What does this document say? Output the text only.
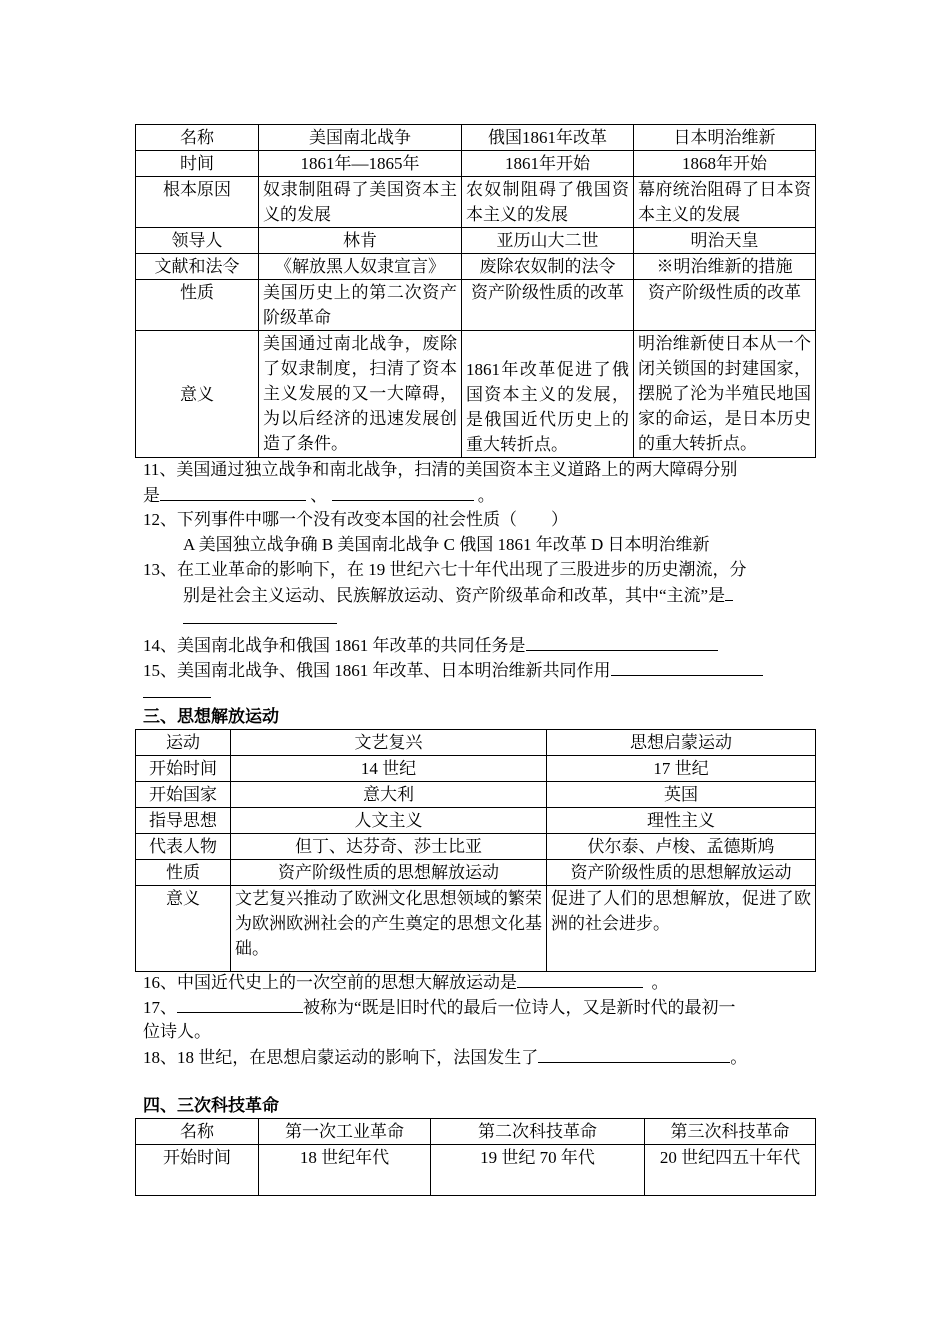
名称	美国南北战争	俄国1861年改革	日本明治维新
时间	1861年—1865年	1861年开始	1868年开始
根本原因	奴隶制阻碍了美国资本主义的发展	农奴制阻碍了俄国资本主义的发展	幕府统治阻碍了日本资本主义的发展
领导人	林肯	亚历山大二世	明治天皇
文献和法令	《解放黑人奴隶宣言》	废除农奴制的法令	※明治维新的措施
性质	美国历史上的第二次资产阶级革命	资产阶级性质的改革	资产阶级性质的改革
意义	美国通过南北战争，废除了奴隶制度，扫清了资本主义发展的又一大障碍，为以后经济的迅速发展创造了条件。	1861年改革促进了俄国资本主义的发展，是俄国近代历史上的重大转折点。	明治维新使日本从一个闭关锁国的封建国家，摆脱了沦为半殖民地国家的命运，是日本历史的重大转折点。
11、美国通过独立战争和南北战争，扫清的美国资本主义道路上的两大障碍分别
是	、	。
12、下列事件中哪一个没有改变本国的社会性质（　　）
A 美国独立战争确 B 美国南北战争 C 俄国 1861 年改革 D 日本明治维新
13、在工业革命的影响下，在 19 世纪六七十年代出现了三股进步的历史潮流，分
别是社会主义运动、民族解放运动、资产阶级革命和改革，其中“主流”是
14、美国南北战争和俄国 1861 年改革的共同任务是
15、美国南北战争、俄国 1861 年改革、日本明治维新共同作用
三、思想解放运动
运动	文艺复兴	思想启蒙运动
开始时间	14 世纪	17 世纪
开始国家	意大利	英国
指导思想	人文主义	理性主义
代表人物	但丁、达芬奇、莎士比亚	伏尔泰、卢梭、孟德斯鸠
性质	资产阶级性质的思想解放运动	资产阶级性质的思想解放运动
意义	文艺复兴推动了欧洲文化思想领域的繁荣为欧洲欧洲社会的产生奠定的思想文化基础。	促进了人们的思想解放，促进了欧洲的社会进步。
16、中国近代史上的一次空前的思想大解放运动是	。
17、	被称为“既是旧时代的最后一位诗人，又是新时代的最初一
位诗人。
18、18 世纪，在思想启蒙运动的影响下，法国发生了	。
四、三次科技革命
名称	第一次工业革命	第二次科技革命	第三次科技革命
开始时间	18 世纪年代	19 世纪 70 年代	20 世纪四五十年代
